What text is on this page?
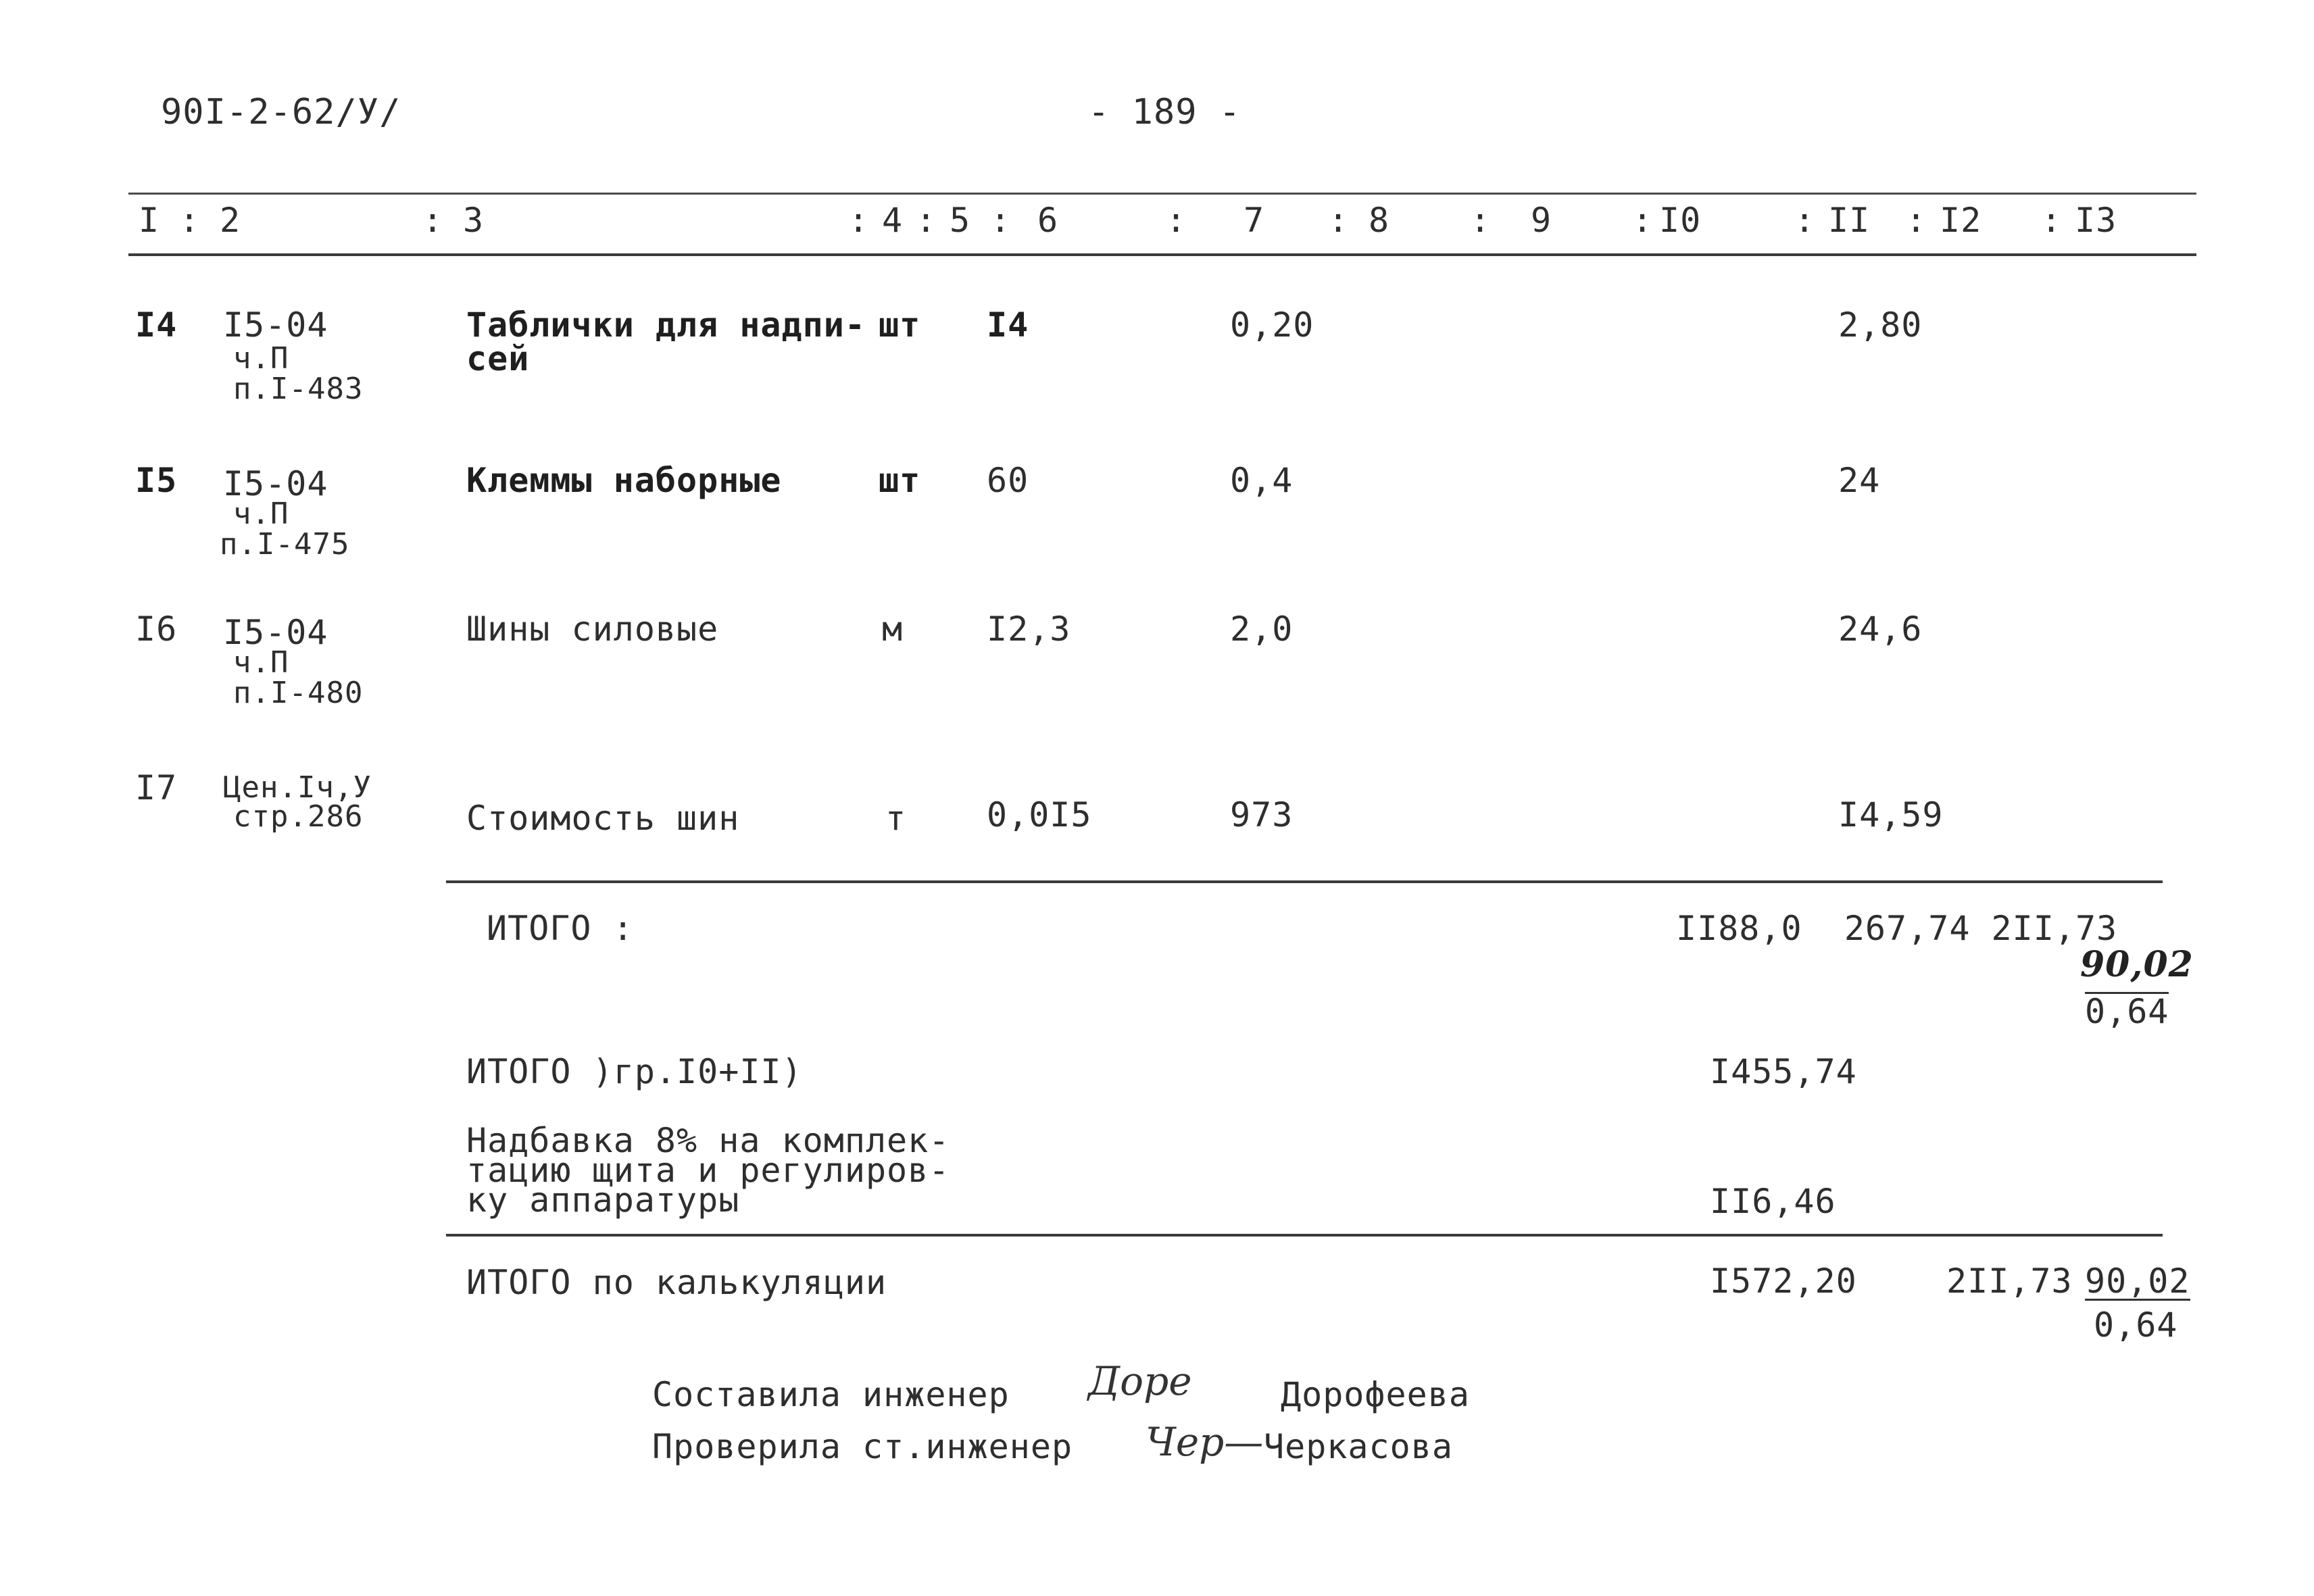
90I-2-62/У/	- 189 -
I : 2	: 3	: 4 : 5 : 6	: 7 : 8 : 9 : I0	: II : I2 : I3
I4 I5-04
ч.П
п.I-483
Таблички для надпи-
сей
шт I4	0,20	2,80
I5 I5-04
ч.П
п.I-475
Клеммы наборные	шт 60	0,4	24
I6 I5-04
ч.П
п.I-480
Шины силовые	м I2,3	2,0	24,6
I7 Цен.Iч,У
стр.286	Стоимость шин	т 0,0I5	973	I4,59
ИТОГО :	II88,0  267,74 2II,73
90,02
0,64
ИТОГО )гр.I0+II)	I455,74
Надбавка 8% на комплек-
тацию щита и регулиров-
ку аппаратуры	II6,46
ИТОГО по калькуляции	I572,20	2II,73 90,02
0,64
Составила инженер Доре	Дорофеева
Проверила ст.инженер Чер— Черкасова
